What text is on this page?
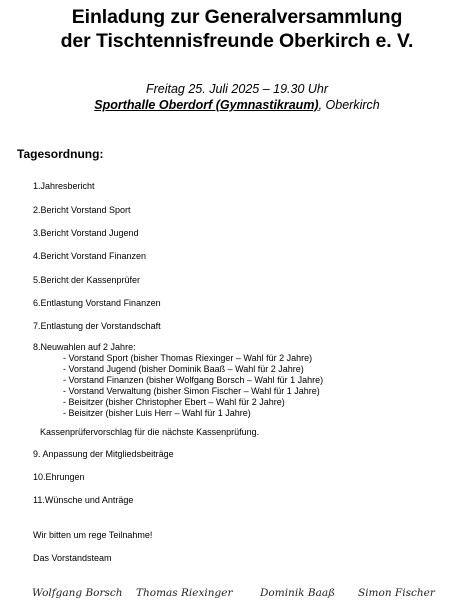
Einladung zur Generalversammlung
der Tischtennisfreunde Oberkirch e. V.
Freitag 25. Juli 2025 – 19.30 Uhr
Sporthalle Oberdorf (Gymnastikraum), Oberkirch
Tagesordnung:
1.Jahresbericht
2.Bericht Vorstand Sport
3.Bericht Vorstand Jugend
4.Bericht Vorstand Finanzen
5.Bericht der Kassenprüfer
6.Entlastung Vorstand Finanzen
7.Entlastung der Vorstandschaft
8.Neuwahlen auf 2 Jahre:
- Vorstand Sport (bisher Thomas Riexinger – Wahl für 2 Jahre)
- Vorstand Jugend (bisher Dominik Baaß – Wahl für 2 Jahre)
- Vorstand Finanzen (bisher Wolfgang Borsch – Wahl für 1 Jahre)
- Vorstand Verwaltung (bisher Simon Fischer – Wahl für 1 Jahre)
- Beisitzer (bisher Christopher Ebert – Wahl für 2 Jahre)
- Beisitzer (bisher Luis Herr – Wahl für 1 Jahre)
Kassenprüfervorschlag für die nächste Kassenprüfung.
9. Anpassung der Mitgliedsbeiträge
10.Ehrungen
11.Wünsche und Anträge
Wir bitten um rege Teilnahme!
Das Vorstandsteam
Wolfgang Borsch Thomas Riexinger	Dominik Baaß Simon Fischer
